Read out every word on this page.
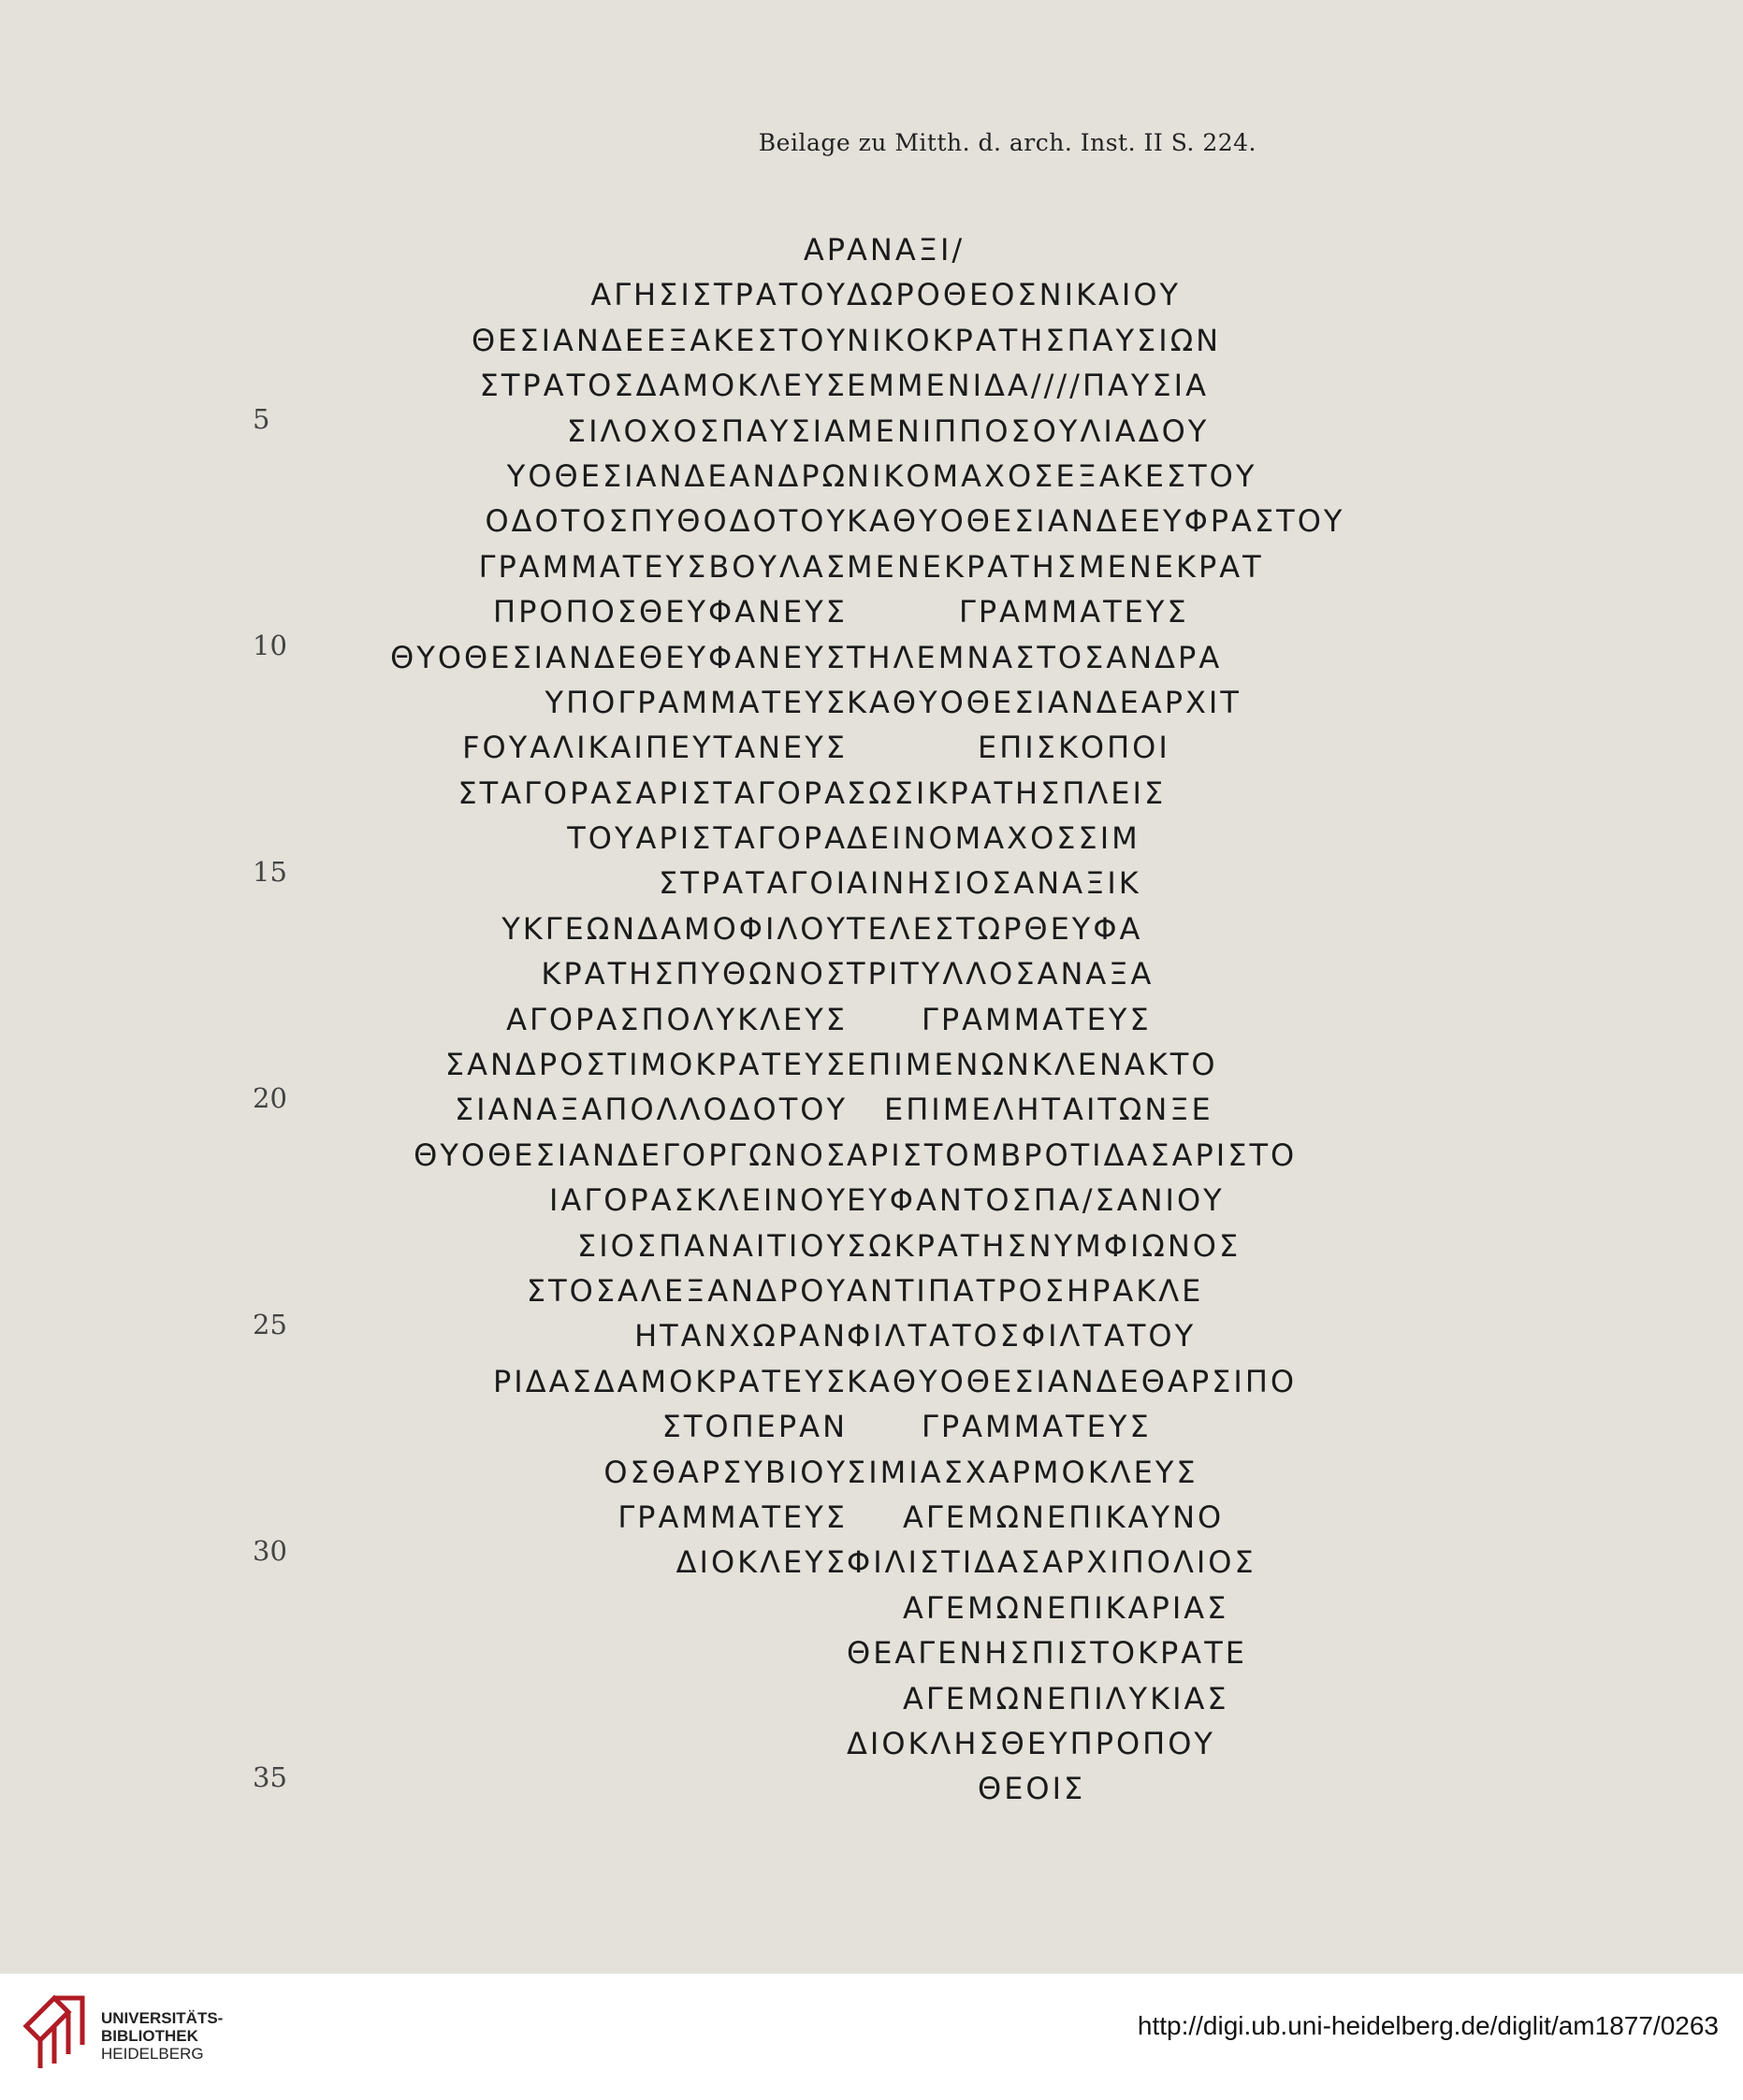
Beilage zu Mitth. d. arch. Inst. II S. 224.
5
10
15
20
25
30
35
ΑΡ
ΑΓΗΣΙΣΤΡΑΤΟΥ
ΘΕΣΙΑΝΔΕΕΞΑΚΕΣΤΟΥ
ΣΤΡΑΤΟΣΔΑΜΟΚΛΕΥΣ
ΣΙΛΟΧΟΣΠΑΥΣΙΑ
ΥΟΘΕΣΙΑΝΔΕΑΝΔΡΩ
ΟΔΟΤΟΣΠΥΘΟΔΟΤΟΥ
ΓΡΑΜΜΑΤΕΥΣΒΟΥΛΑΣ
ΠΡΟΠΟΣΘΕΥΦΑΝΕΥΣ
ΘΥΟΘΕΣΙΑΝΔΕΘΕΥΦΑΝΕΥΣ
ΥΠΟΓΡΑΜΜΑΤΕΥΣ
ϜΟΥΑΛΙΚΑΙΠΕΥΤΑΝΕΥΣ
ΣΤΑΓΟΡΑΣΑΡΙΣΤΑΓΟΡΑ
ΤΟΥΑΡΙΣΤΑΓΟΡΑ
ΣΤΡΑΤΑΓΟΙ
ΥΚΓΕΩΝΔΑΜΟΦΙΛΟΥ
ΚΡΑΤΗΣΠΥΘΩΝΟΣ
ΑΓΟΡΑΣΠΟΛΥΚΛΕΥΣ
ΣΑΝΔΡΟΣΤΙΜΟΚΡΑΤΕΥΣ
ΣΙΑΝΑΞΑΠΟΛΛΟΔΟΤΟΥ
ΘΥΟΘΕΣΙΑΝΔΕΓΟΡΓΩΝΟΣ
ΙΑΓΟΡΑΣΚΛΕΙΝΟΥ
ΣΙΟΣΠΑΝΑΙΤΙΟΥ
ΣΤΟΣΑΛΕΞΑΝΔΡΟΥ
ΗΤΑΝΧΩΡΑΝ
ΡΙΔΑΣΔΑΜΟΚΡΑΤΕΥΣ
ΣΤΟΠΕΡΑΝ
ΟΣΘΑΡΣΥΒΙΟΥ
ΓΡΑΜΜΑΤΕΥΣ
ΔΙΟΚΛΕΥΣ
ΑΝΑΞΙ/
ΔΩΡΟΘΕΟΣΝΙΚΑΙΟΥ
ΝΙΚΟΚΡΑΤΗΣΠΑΥΣΙΩΝ
ΕΜΜΕΝΙΔΑ////ΠΑΥΣΙΑ
ΜΕΝΙΠΠΟΣΟΥΛΙΑΔΟΥ
ΝΙΚΟΜΑΧΟΣΕΞΑΚΕΣΤΟΥ
ΚΑΘΥΟΘΕΣΙΑΝΔΕΕΥΦΡΑΣΤΟΥ
ΜΕΝΕΚΡΑΤΗΣΜΕΝΕΚΡΑΤ
ΓΡΑΜΜΑΤΕΥΣ
ΤΗΛΕΜΝΑΣΤΟΣΑΝΔΡΑ
ΚΑΘΥΟΘΕΣΙΑΝΔΕΑΡΧΙΤ
ΕΠΙΣΚΟΠΟΙ
ΣΩΣΙΚΡΑΤΗΣΠΛΕΙΣ
ΔΕΙΝΟΜΑΧΟΣΣΙΜ
ΑΙΝΗΣΙΟΣΑΝΑΞΙΚ
ΤΕΛΕΣΤΩΡΘΕΥΦΑ
ΤΡΙΤΥΛΛΟΣΑΝΑΞΑ
ΓΡΑΜΜΑΤΕΥΣ
ΕΠΙΜΕΝΩΝΚΛΕΝΑΚΤΟ
ΕΠΙΜΕΛΗΤΑΙΤΩΝΞΕ
ΑΡΙΣΤΟΜΒΡΟΤΙΔΑΣΑΡΙΣΤΟ
ΕΥΦΑΝΤΟΣΠΑ/ΣΑΝΙΟΥ
ΣΩΚΡΑΤΗΣΝΥΜΦΙΩΝΟΣ
ΑΝΤΙΠΑΤΡΟΣΗΡΑΚΛΕ
ΦΙΛΤΑΤΟΣΦΙΛΤΑΤΟΥ
ΚΑΘΥΟΘΕΣΙΑΝΔΕΘΑΡΣΙΠΟ
ΓΡΑΜΜΑΤΕΥΣ
ΣΙΜΙΑΣΧΑΡΜΟΚΛΕΥΣ
ΑΓΕΜΩΝΕΠΙΚΑΥΝΟ
ΦΙΛΙΣΤΙΔΑΣΑΡΧΙΠΟΛΙΟΣ
ΑΓΕΜΩΝΕΠΙΚΑΡΙΑΣ
ΘΕΑΓΕΝΗΣΠΙΣΤΟΚΡΑΤΕ
ΑΓΕΜΩΝΕΠΙΛΥΚΙΑΣ
ΔΙΟΚΛΗΣΘΕΥΠΡΟΠΟΥ
ΘΕΟΙΣ
UNIVERSITÄTS-
BIBLIOTHEK
HEIDELBERG
http://digi.ub.uni-heidelberg.de/diglit/am1877/0263
